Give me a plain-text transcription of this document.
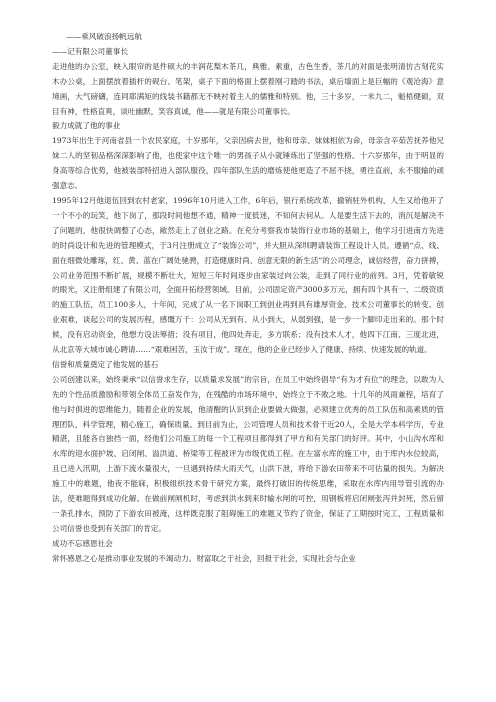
——乘风破浪扬帆远航

——记有限公司董事长

走进他的办公室，映入眼帘的是件硕大的丰润花梨木茶几，典雅、素重，古色生香，茶几的对面是张明清仿古刻花实木办公桌，上面摆放着插杆的砚台、笔架，桌子下面的格面上摆着刚刁踏的书法，桌后墙面上是巨幅的《观沧海》意境画，大气磅礴，连同耶满矩的线装书籍都无不映衬着主人的儒雅和特别。他，三十多岁，一米九二，魁梧健硕，双目有神，性格直爽，谈吐幽默，笑容真诚，他——就是有限公司董事长。

毅力成就了他的事业

1973年出生于河南省县一个农民家庭，十岁那年，父亲因病去世，他和母亲、妹妹相依为命，母亲含辛茹苦抚养他兄妹二人的坚韧品格深深影响了他，也使家中这个唯一的男孩子从小就锤炼出了坚强的性格。十六岁那年，由于明显的身高等综合优势，他被装部特招进入部队服役，四年部队生活的磨炼使他更造了不屈不挠，勇往直前，永不服输的顽强意志。

1995年12月他退伍回到农村老家，1996年10月进入工作，6年后，银行系统改革，撤销驻外机构，人生又给他开了一个不小的玩笑，他下岗了，那段时间他想不通，精神一度低迷，不知何去何从。人是要生活下去的，消沉是解决不了问题的，他很快调整了心态，敞然走上了创业之路。在充分考察我市装饰行业市场的基础上，他学习引进南方先进的时尚设计和先进的管理模式，于3月注册成立了“装饰公司”，并大胆从深圳聘请装饰工程设计人员。遵循“点、线、面在细微处雕琢，红、黄、蓝在广阔处驰骋，打造健康时尚、创意无限的新生活”的公司理念，诚信经营，奋力拼搏，公司业务范围不断扩展，规模不断壮大，短短三年时间逐步由家装过向公装，走到了同行业的前列。3月，凭着敏锐的眼光，又注册组建了有限公司，全面开拓经营领域。目前，公司固定资产3000多万元，拥有四个具有一、二级资质的施工队伍，员工100多人，十年间，完成了从一名下岗职工到创业再到具有雄厚资金、技术公司董事长的转变。创业艰难，谈起公司的发展历程，感慨万千：公司从无到有、从小到大，从弱到强，是一步一个脚印走出来的。那个时候，没有启动资金，他想方设法筹措；没有项目，他四处奔走，多方联系；没有技术人才，他四下江南、三度北进，从北京等大城市诚心聘请……“艰难困苦，玉汝于成”。现在，他的企业已经步入了健康、持续、快速发展的轨道。

信誉和质量奠定了他发展的基石

公司创建以来，始终秉承“以信誉求生存，以质量求发展”的宗旨，在员工中始终倡导“有为才有位”的理念，以敢为人先的个性品质激励和带领全体员工奋发作为，在残酷的市场环境中，始终立于不败之地。十几年的风雨兼程，培育了他与时俱进的思维能力，随着企业的发展，他清醒的认识到企业要做大做强，必须建立优秀的员工队伍和高素质的管理团队，科学管理，精心施工，确保质量。到目前为止，公司管理人员和技术骨干近20人，全是大学本科学历，专业精湛，且能各自独挡一面，经他们公司施工的每一个工程项目都得到了甲方和有关部门的好评。其中，小山沟水库和水库的迎水面护坡、启闭闸、溢洪道、桥梁等工程被评为市级优质工程。在左富水库的施工中，由于库内水位较高，且已进入汛期，上游下流水量很大，一旦遇到持续大雨天气，山洪下泄，将给下游农田带来不可估量的损失。为解决施工中的难题，他夜不能寐，积极组织技术骨干研究方案，最终打破旧的传统思维，采取在水库内用导管引流的办法，使难题得到成功化解。在做前闸闸机时，考虑到洪水到来时输水闸的可控，用钢板将启闭闸张泻并封死，然后留一条孔排水，预防了下游农田被淹，这样既克服了阻碍施工的难题又节约了资金，保证了工期按时完工，工程质量和公司信誉也受到有关部门的肯定。

成功不忘感恩社会

常怀感恩之心是推动事业发展的不竭动力。财富取之于社会，回报于社会，实现社会与企业
